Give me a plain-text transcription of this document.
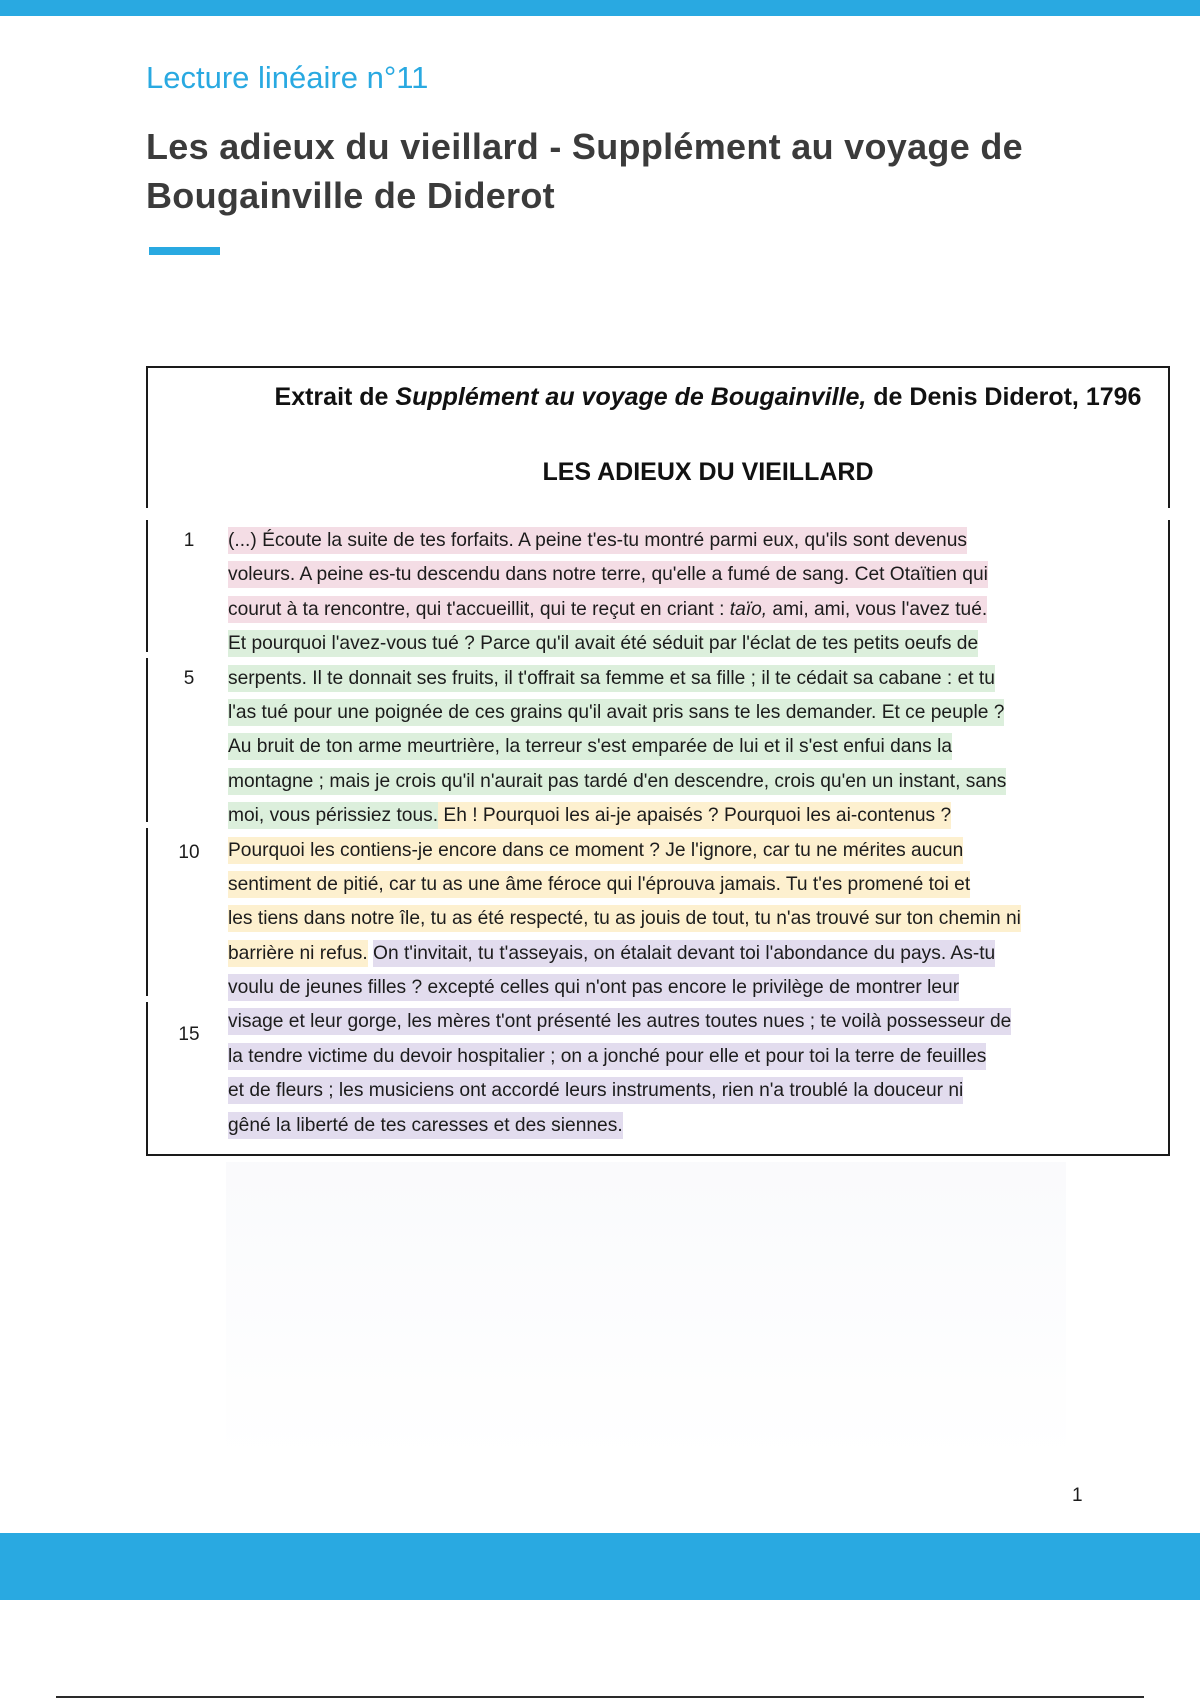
Lecture linéaire n°11
Les adieux du vieillard - Supplément au voyage de Bougainville de Diderot

Extrait de Supplément au voyage de Bougainville, de Denis Diderot, 1796

LES ADIEUX DU VIEILLARD

1
5
10
15
(...) Écoute la suite de tes forfaits. A peine t'es-tu montré parmi eux, qu'ils sont devenus
voleurs. A peine es-tu descendu dans notre terre, qu'elle a fumé de sang. Cet Otaïtien qui
courut à ta rencontre, qui t'accueillit, qui te reçut en criant : taïo, ami, ami, vous l'avez tué.
Et pourquoi l'avez-vous tué ? Parce qu'il avait été séduit par l'éclat de tes petits oeufs de
serpents. Il te donnait ses fruits, il t'offrait sa femme et sa fille ; il te cédait sa cabane : et tu
l'as tué pour une poignée de ces grains qu'il avait pris sans te les demander. Et ce peuple ?
Au bruit de ton arme meurtrière, la terreur s'est emparée de lui et il s'est enfui dans la
montagne ; mais je crois qu'il n'aurait pas tardé d'en descendre, crois qu'en un instant, sans
moi, vous périssiez tous. Eh ! Pourquoi les ai-je apaisés ? Pourquoi les ai-contenus ?
Pourquoi les contiens-je encore dans ce moment ? Je l'ignore, car tu ne mérites aucun
sentiment de pitié, car tu as une âme féroce qui l'éprouva jamais. Tu t'es promené toi et
les tiens dans notre île, tu as été respecté, tu as jouis de tout, tu n'as trouvé sur ton chemin ni
barrière ni refus. On t'invitait, tu t'asseyais, on étalait devant toi l'abondance du pays. As-tu
voulu de jeunes filles ? excepté celles qui n'ont pas encore le privilège de montrer leur
visage et leur gorge, les mères t'ont présenté les autres toutes nues ; te voilà possesseur de
la tendre victime du devoir hospitalier ; on a jonché pour elle et pour toi la terre de feuilles
et de fleurs ; les musiciens ont accordé leurs instruments, rien n'a troublé la douceur ni
gêné la liberté de tes caresses et des siennes.
1
